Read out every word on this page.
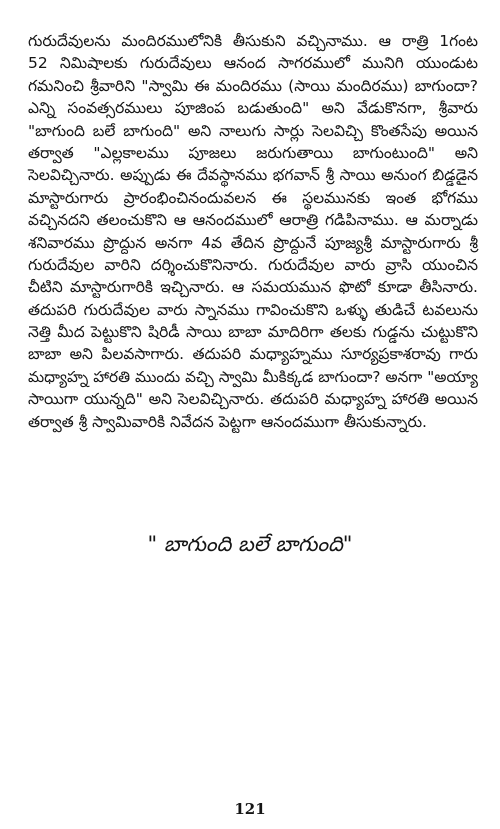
గురుదేవులను మందిరములోనికి తీసుకుని వచ్చినాము. ఆ రాత్రి 1గంట
52 నిమిషాలకు గురుదేవులు ఆనంద సాగరములో మునిగి యుండుట
గమనించి శ్రీవారిని "స్వామి ఈ మందిరము (సాయి మందిరము) బాగుందా?
ఎన్ని సంవత్సరములు పూజింప బడుతుంది" అని వేడుకొనగా, శ్రీవారు
"బాగుంది బలే బాగుంది" అని నాలుగు సార్లు సెలవిచ్చి కొంతసేపు అయిన
తర్వాత "ఎల్లకాలము పూజలు జరుగుతాయి బాగుంటుంది" అని
సెలవిచ్చినారు. అప్పుడు ఈ దేవస్థానము భగవాన్ శ్రీ సాయి అనుంగ బిడ్డడైన
మాస్టారుగారు ప్రారంభించినందువలన ఈ స్థలమునకు ఇంత భోగము
వచ్చినదని తలంచుకొని ఆ ఆనందములో ఆరాత్రి గడిపినాము. ఆ మర్నాడు
శనివారము ప్రొద్దున అనగా 4వ తేదిన ప్రొద్దునే పూజ్యశ్రీ మాస్టారుగారు శ్రీ
గురుదేవుల వారిని దర్శించుకొనినారు. గురుదేవుల వారు వ్రాసి యుంచిన
చీటిని మాస్టారుగారికి ఇచ్చినారు. ఆ సమయమున ఫొటో కూడా తీసినారు.
తదుపరి గురుదేవుల వారు స్నానము గావించుకొని ఒళ్ళు తుడిచే టవలును
నెత్తి మీద పెట్టుకొని షిరిడీ సాయి బాబా మాదిరిగా తలకు గుడ్డను చుట్టుకొని
బాబా అని పిలవసాగారు. తదుపరి మధ్యాహ్నము సూర్యప్రకాశరావు గారు
మధ్యాహ్న హారతి ముందు వచ్చి స్వామి మీకిక్కడ బాగుందా? అనగా "అయ్యా
సాయిగా యున్నది" అని సెలవిచ్చినారు. తదుపరి మధ్యాహ్న హారతి అయిన
తర్వాత శ్రీ స్వామివారికి నివేదన పెట్టగా ఆనందముగా తీసుకున్నారు.
" బాగుంది బలే బాగుంది"
121
